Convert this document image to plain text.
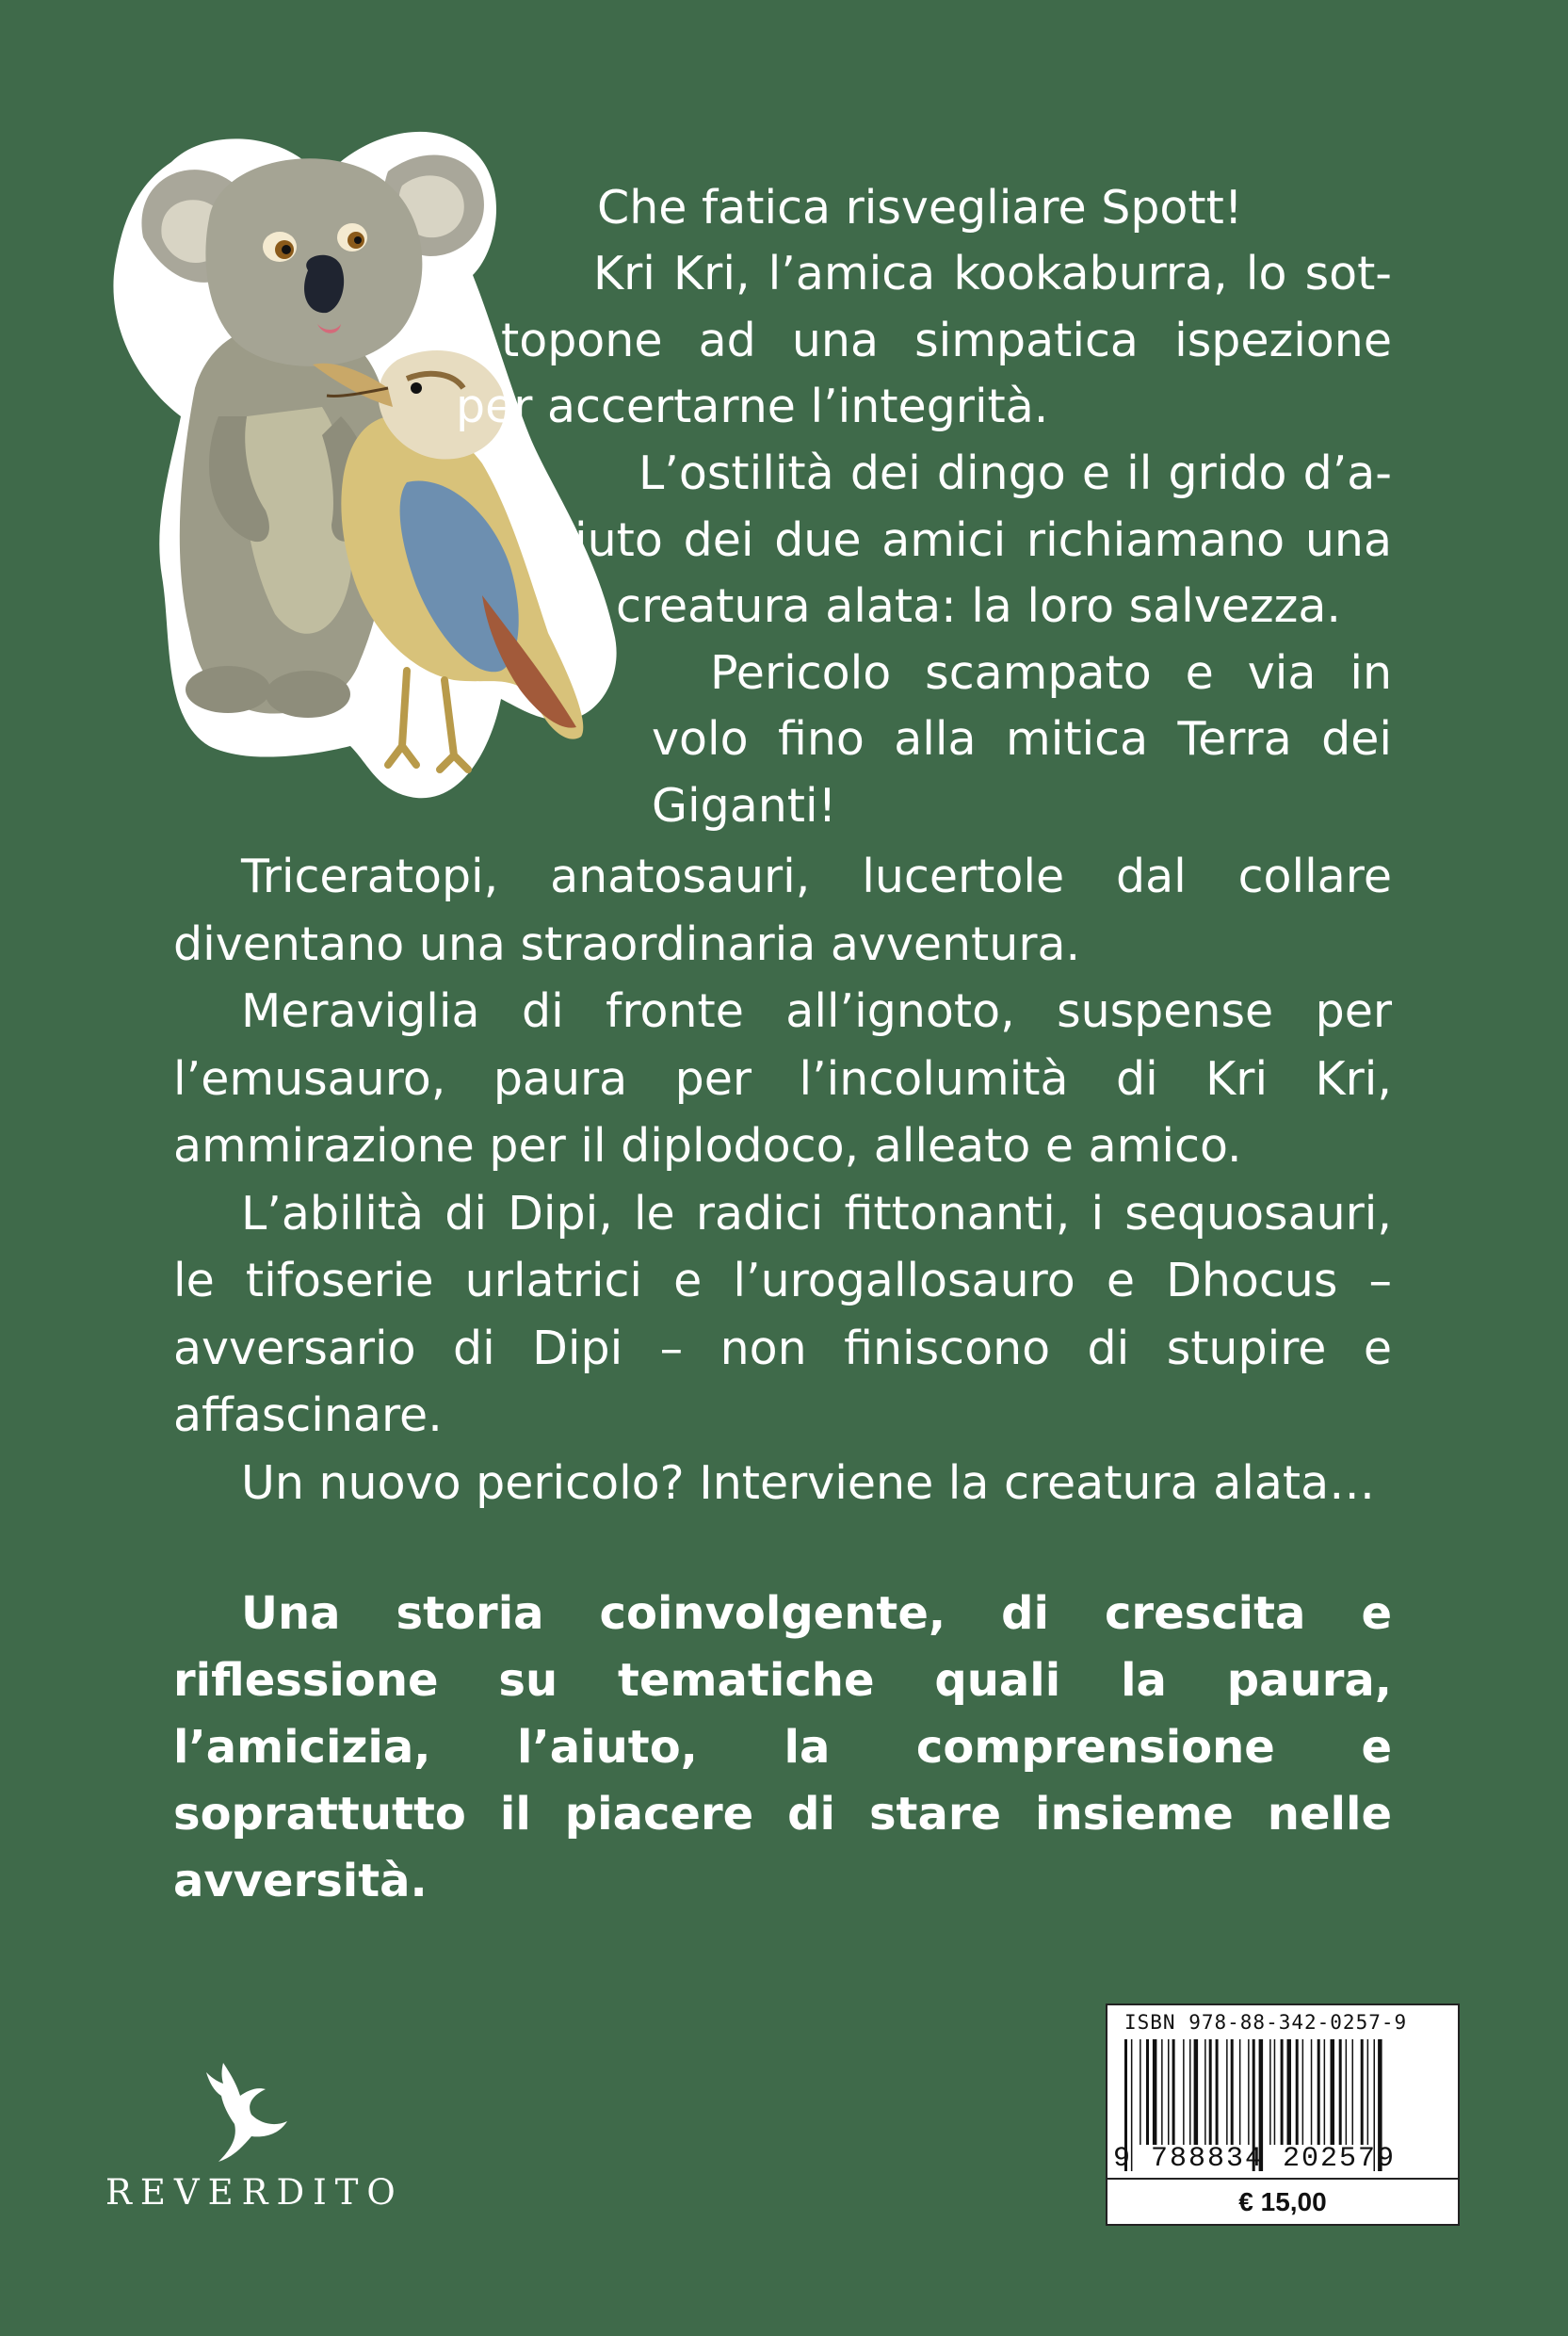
Che fatica risvegliare Spott!
Kri Kri, l’amica kookaburra, lo sot-
topone ad una simpatica ispezione
per accertarne l’integrità.
L’ostilità dei dingo e il grido d’a-
iuto dei due amici richiamano una
creatura alata: la loro salvezza.
Pericolo scampato e via in
volo fino alla mitica Terra dei
Giganti!

Triceratopi, anatosauri, lucertole dal collare diventano una straordinaria avventura.

Meraviglia di fronte all’ignoto, suspense per l’emusauro, paura per l’incolumità di Kri Kri, ammirazione per il diplodoco, alleato e amico.

L’abilità di Dipi, le radici fittonanti, i sequosauri, le tifoserie urlatrici e l’urogallosauro e Dhocus – avversario di Dipi – non finiscono di stupire e affascinare.

Un nuovo pericolo? Interviene la creatura alata…

Una storia coinvolgente, di crescita e riflessione su tematiche quali la paura, l’amicizia, l’aiuto, la comprensione e soprattutto il piacere di stare insieme nelle avversità.

REVERDITO
ISBN 978-88-342-0257-9
9 788834 202579
€ 15,00
